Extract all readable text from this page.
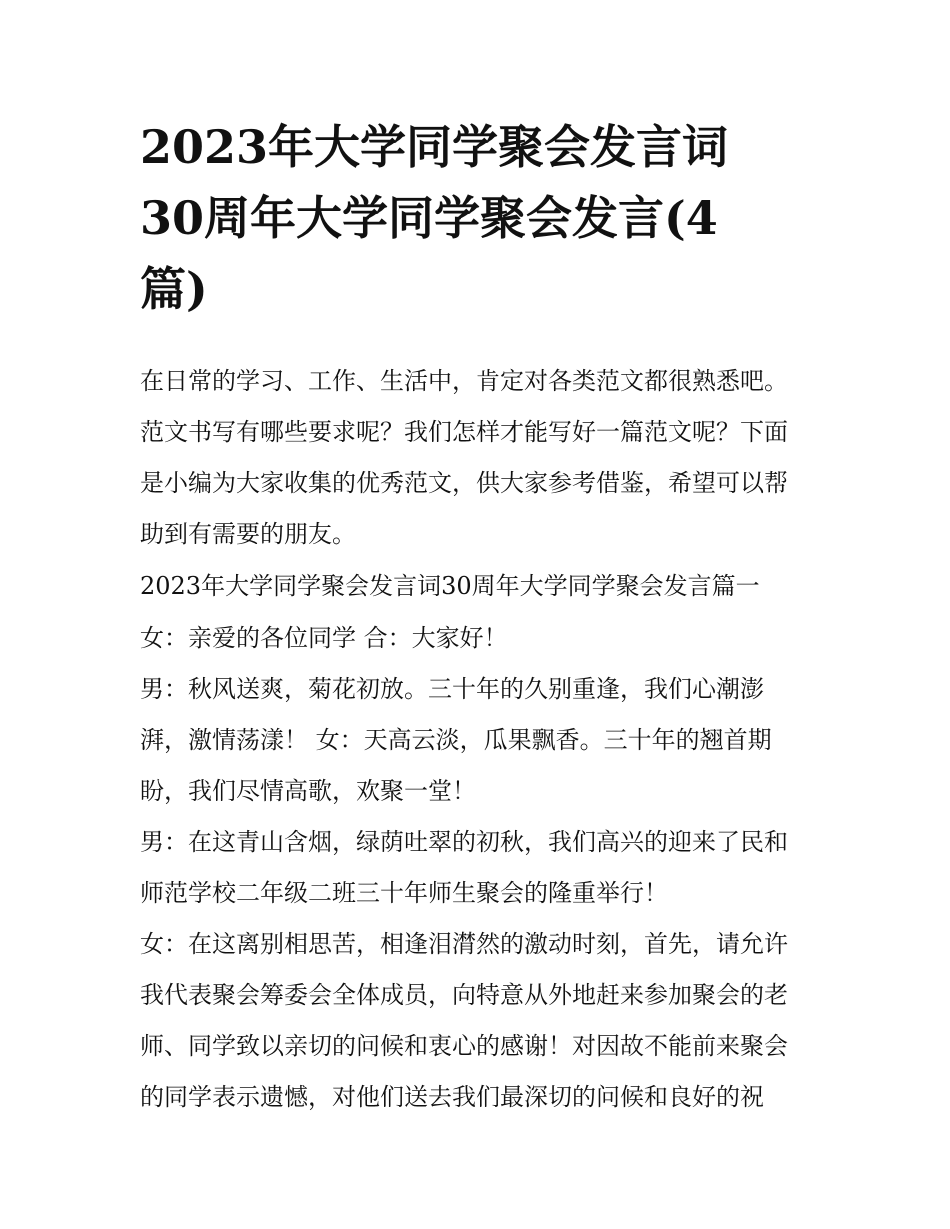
2023年大学同学聚会发言词
30周年大学同学聚会发言(4
篇)
在日常的学习、工作、生活中，肯定对各类范文都很熟悉吧。
范文书写有哪些要求呢？我们怎样才能写好一篇范文呢？下面
是小编为大家收集的优秀范文，供大家参考借鉴，希望可以帮
助到有需要的朋友。
2023年大学同学聚会发言词30周年大学同学聚会发言篇一
女：亲爱的各位同学 合：大家好！
男：秋风送爽，菊花初放。三十年的久别重逢，我们心潮澎
湃，激情荡漾！ 女：天高云淡，瓜果飘香。三十年的翘首期
盼，我们尽情高歌，欢聚一堂！
男：在这青山含烟，绿荫吐翠的初秋，我们高兴的迎来了民和
师范学校二年级二班三十年师生聚会的隆重举行！
女：在这离别相思苦，相逢泪潸然的激动时刻，首先，请允许
我代表聚会筹委会全体成员，向特意从外地赶来参加聚会的老
师、同学致以亲切的问候和衷心的感谢！对因故不能前来聚会
的同学表示遗憾，对他们送去我们最深切的问候和良好的祝
